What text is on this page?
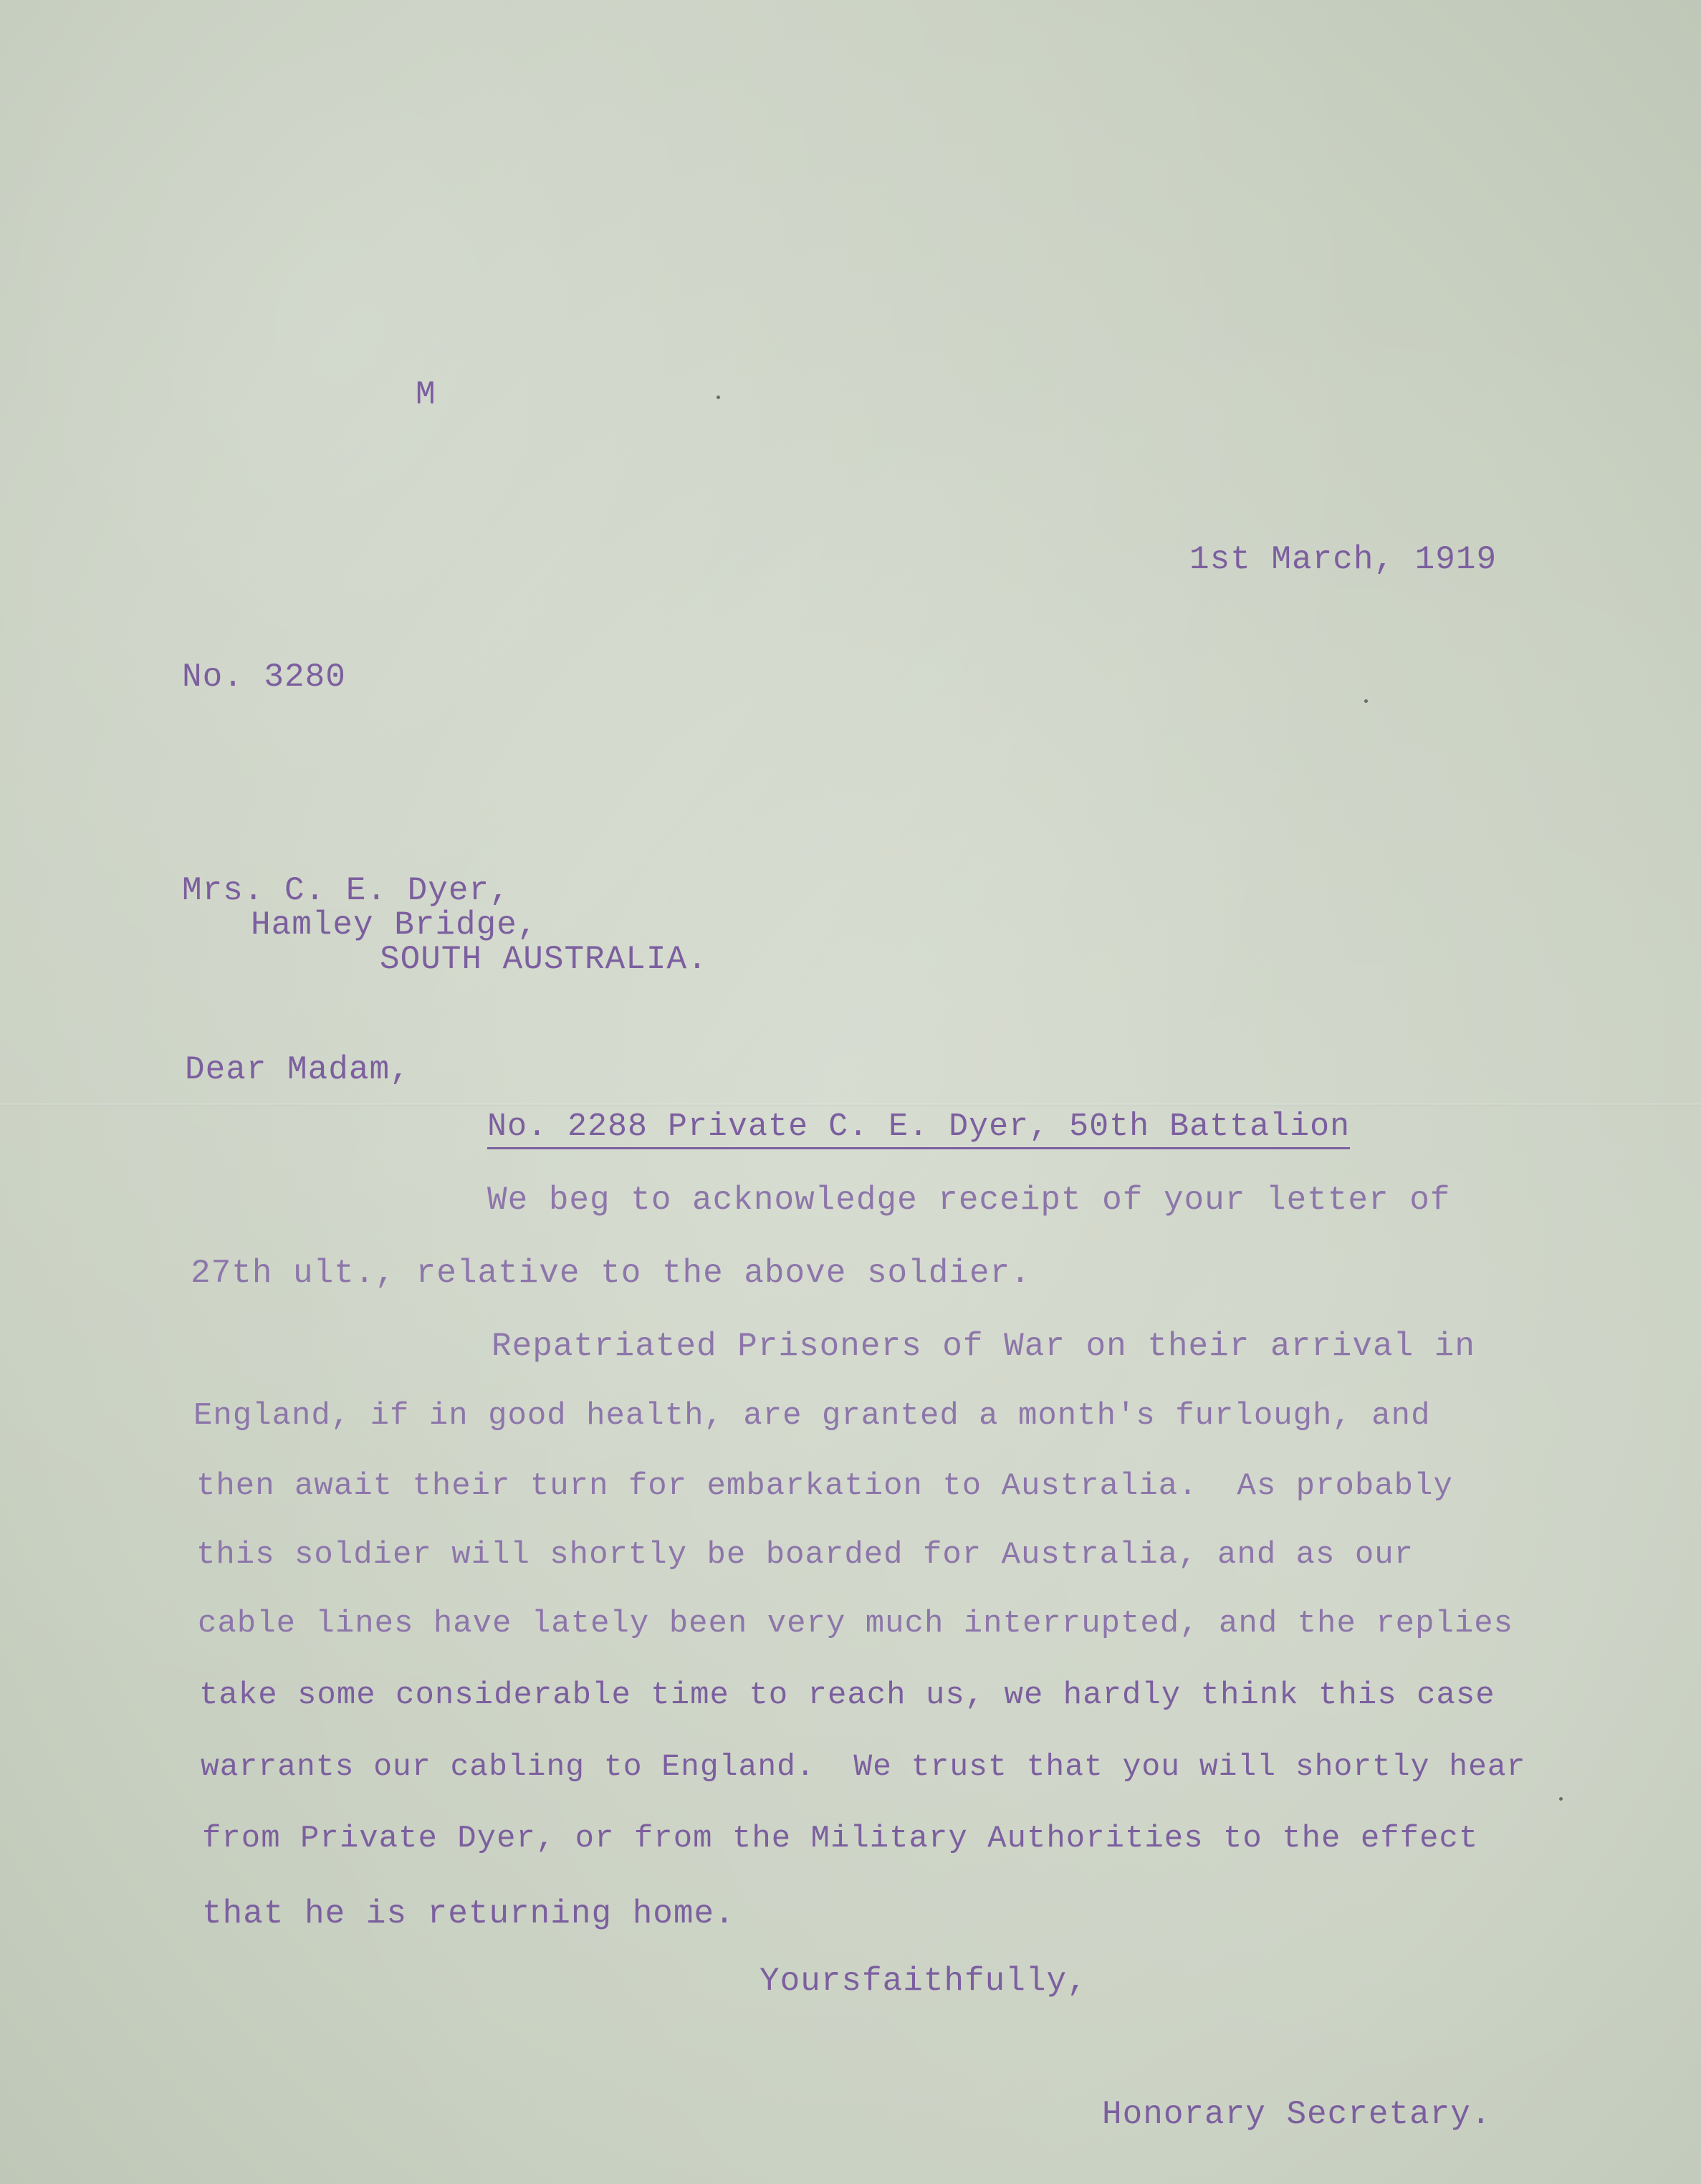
M
1st March, 1919
No. 3280
Mrs. C. E. Dyer,
Hamley Bridge,
SOUTH AUSTRALIA.
Dear Madam,
No. 2288 Private C. E. Dyer, 50th Battalion
We beg to acknowledge receipt of your letter of
27th ult., relative to the above soldier.
Repatriated Prisoners of War on their arrival in
England, if in good health, are granted a month's furlough, and
then await their turn for embarkation to Australia.  As probably
this soldier will shortly be boarded for Australia, and as our
cable lines have lately been very much interrupted, and the replies
take some considerable time to reach us, we hardly think this case
warrants our cabling to England.  We trust that you will shortly hear
from Private Dyer, or from the Military Authorities to the effect
that he is returning home.
Yoursfaithfully,
Honorary Secretary.
